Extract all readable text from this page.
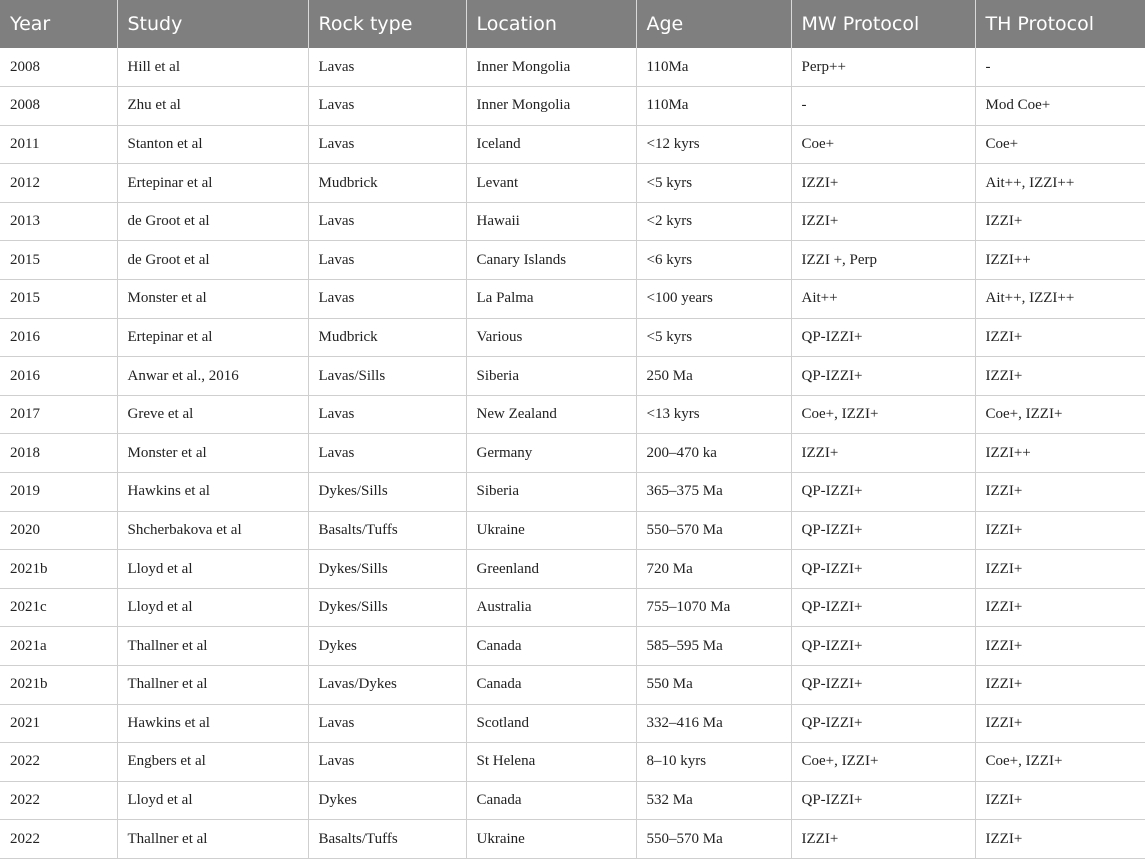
Year	Study	Rock type	Location	Age	MW Protocol	TH Protocol
2008	Hill et al	Lavas	Inner Mongolia	110Ma	Perp++	-
2008	Zhu et al	Lavas	Inner Mongolia	110Ma	-	Mod Coe+
2011	Stanton et al	Lavas	Iceland	<12 kyrs	Coe+	Coe+
2012	Ertepinar et al	Mudbrick	Levant	<5 kyrs	IZZI+	Ait++, IZZI++
2013	de Groot et al	Lavas	Hawaii	<2 kyrs	IZZI+	IZZI+
2015	de Groot et al	Lavas	Canary Islands	<6 kyrs	IZZI +, Perp	IZZI++
2015	Monster et al	Lavas	La Palma	<100 years	Ait++	Ait++, IZZI++
2016	Ertepinar et al	Mudbrick	Various	<5 kyrs	QP-IZZI+	IZZI+
2016	Anwar et al., 2016	Lavas/Sills	Siberia	250 Ma	QP-IZZI+	IZZI+
2017	Greve et al	Lavas	New Zealand	<13 kyrs	Coe+, IZZI+	Coe+, IZZI+
2018	Monster et al	Lavas	Germany	200–470 ka	IZZI+	IZZI++
2019	Hawkins et al	Dykes/Sills	Siberia	365–375 Ma	QP-IZZI+	IZZI+
2020	Shcherbakova et al	Basalts/Tuffs	Ukraine	550–570 Ma	QP-IZZI+	IZZI+
2021b	Lloyd et al	Dykes/Sills	Greenland	720 Ma	QP-IZZI+	IZZI+
2021c	Lloyd et al	Dykes/Sills	Australia	755–1070 Ma	QP-IZZI+	IZZI+
2021a	Thallner et al	Dykes	Canada	585–595 Ma	QP-IZZI+	IZZI+
2021b	Thallner et al	Lavas/Dykes	Canada	550 Ma	QP-IZZI+	IZZI+
2021	Hawkins et al	Lavas	Scotland	332–416 Ma	QP-IZZI+	IZZI+
2022	Engbers et al	Lavas	St Helena	8–10 kyrs	Coe+, IZZI+	Coe+, IZZI+
2022	Lloyd et al	Dykes	Canada	532 Ma	QP-IZZI+	IZZI+
2022	Thallner et al	Basalts/Tuffs	Ukraine	550–570 Ma	IZZI+	IZZI+
